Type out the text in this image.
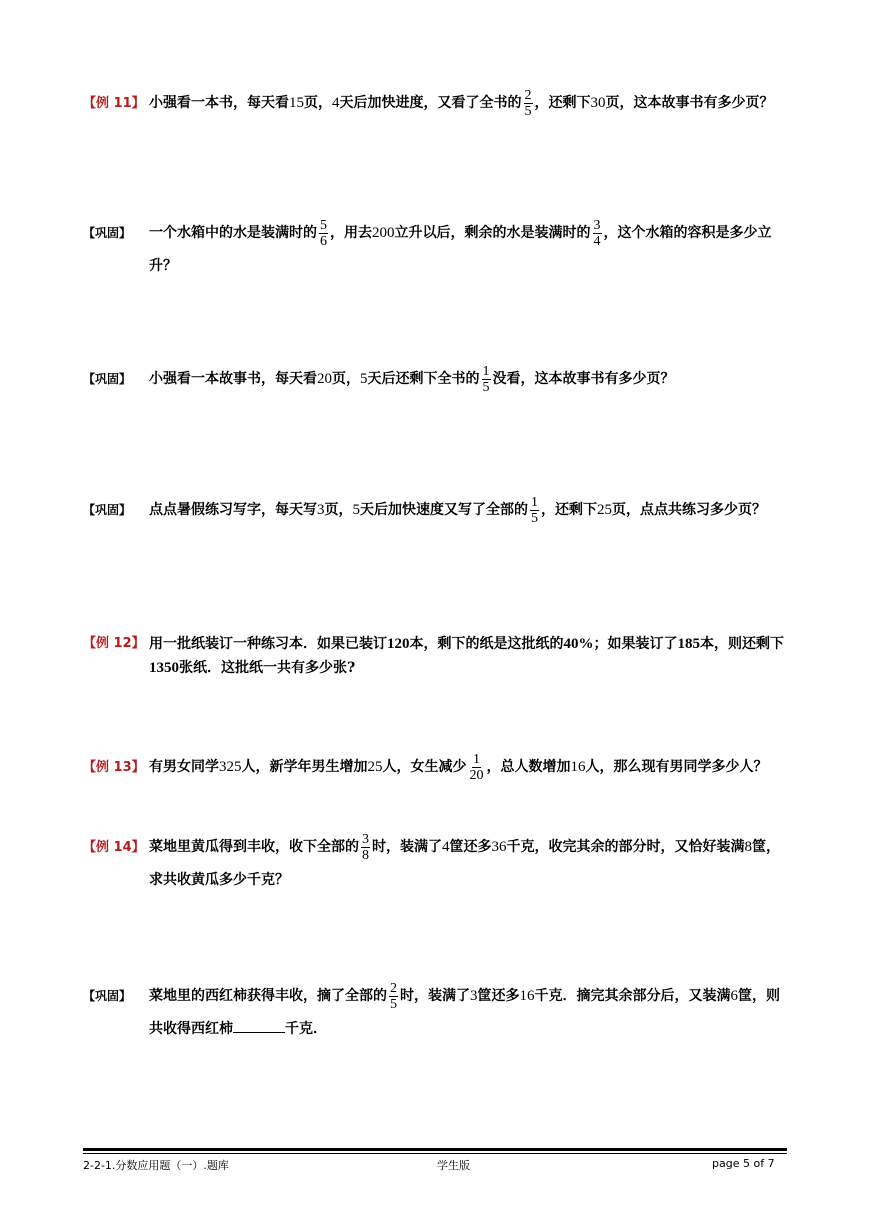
【例 11】 小强看一本书，每天看15页，4天后加快进度，又看了全书的 $\frac{2}{5}$ ，还剩下30页，这本故事书有多少页？
【巩固】	一个水箱中的水是装满时的 $\frac{5}{6}$ ，用去200立升以后，剩余的水是装满时的 $\frac{3}{4}$ ，这个水箱的容积是多少立升？
【巩固】	小强看一本故事书，每天看20页，5天后还剩下全书的 $\frac{1}{5}$ 没看，这本故事书有多少页？
【巩固】	点点暑假练习写字，每天写3页，5天后加快速度又写了全部的 $\frac{1}{5}$ ，还剩下25页，点点共练习多少页？
【例 12】 用一批纸装订一种练习本．如果已装订120本，剩下的纸是这批纸的40%；如果装订了185本，则还剩下1350张纸．这批纸一共有多少张?
【例 13】 有男女同学325人，新学年男生增加25人，女生减少 $\frac{1}{20}$ ，总人数增加16人，那么现有男同学多少人？
【例 14】 菜地里黄瓜得到丰收，收下全部的 $\frac{3}{8}$ 时，装满了4筐还多36千克，收完其余的部分时，又恰好装满8筐，求共收黄瓜多少千克？
【巩固】	菜地里的西红柿获得丰收，摘了全部的 $\frac{2}{5}$ 时，装满了3筐还多16千克．摘完其余部分后，又装满6筐，则共收得西红柿	千克．
2-2-1.分数应用题（一）.题库	学生版	page 5 of 7
